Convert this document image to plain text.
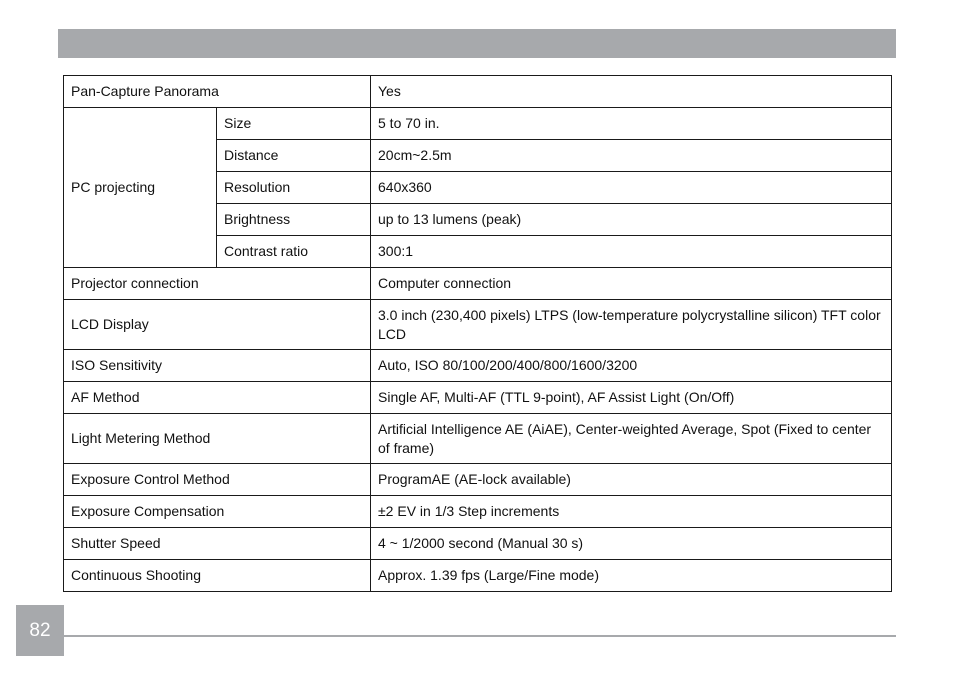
Pan-Capture Panorama		Yes
PC projecting	Size	5 to 70 in.
	Distance	20cm~2.5m
	Resolution	640x360
	Brightness	up to 13 lumens (peak)
	Contrast ratio	300:1
Projector connection		Computer connection
LCD Display		3.0 inch (230,400 pixels) LTPS (low-temperature polycrystalline silicon) TFT color LCD
ISO Sensitivity		Auto, ISO 80/100/200/400/800/1600/3200
AF Method		Single AF, Multi-AF (TTL 9-point), AF Assist Light (On/Off)
Light Metering Method		Artificial Intelligence AE (AiAE), Center-weighted Average, Spot (Fixed to center of frame)
Exposure Control Method		ProgramAE (AE-lock available)
Exposure Compensation		±2 EV in 1/3 Step increments
Shutter Speed		4 ~ 1/2000 second (Manual 30 s)
Continuous Shooting		Approx. 1.39 fps (Large/Fine mode)
82
